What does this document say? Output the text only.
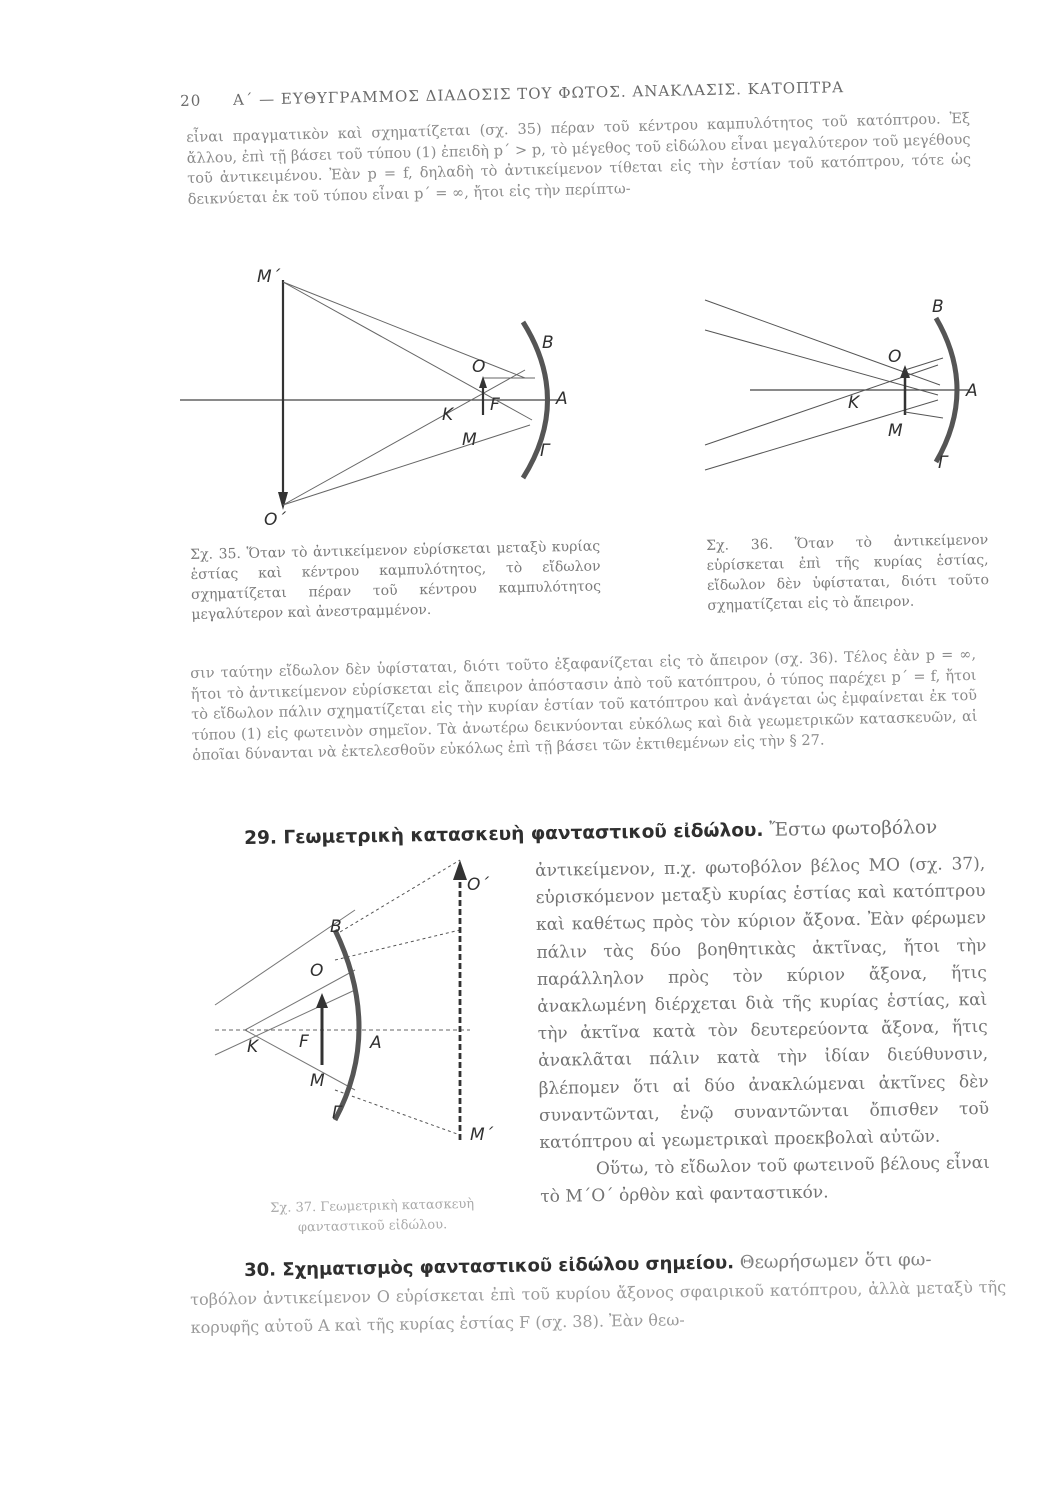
20 Α΄ — ΕΥΘΥΓΡΑΜΜΟΣ ΔΙΑΔΟΣΙΣ ΤΟΥ ΦΩΤΟΣ. ΑΝΑΚΛΑΣΙΣ. ΚΑΤΟΠΤΡΑ
εἶναι πραγματικὸν καὶ σχηματίζεται (σχ. 35) πέραν τοῦ κέντρου καμπυλότητος τοῦ κατόπτρου. Ἐξ ἄλλου, ἐπὶ τῇ βάσει τοῦ τύπου (1) ἐπειδὴ p΄ > p, τὸ μέγεθος τοῦ εἰδώλου εἶναι μεγαλύτερον τοῦ μεγέθους τοῦ ἀντικειμένου. Ἐὰν p = f, δηλαδὴ τὸ ἀντικείμενον τίθεται εἰς τὴν ἑστίαν τοῦ κατόπτρου, τότε ὡς δεικνύεται ἐκ τοῦ τύπου εἶναι p΄ = ∞, ἤτοι εἰς τὴν περίπτω-
Μ΄
Ο΄
Ο
Β
Α
Γ
Κ F
Μ
Β
Ο
Α
Κ
Μ
Γ
Σχ. 35. Ὅταν τὸ ἀντικείμενον εὑρίσκεται μεταξὺ κυρίας ἑστίας καὶ κέντρου καμπυλότητος, τὸ εἴδωλον σχηματίζεται πέραν τοῦ κέντρου καμπυλότητος μεγαλύτερον καὶ ἀνεστραμμένον.
Σχ. 36. Ὅταν τὸ ἀντικείμενον εὑρίσκεται ἐπὶ τῆς κυρίας ἑστίας, εἴδωλον δὲν ὑφίσταται, διότι τοῦτο σχηματίζεται εἰς τὸ ἄπειρον.
σιν ταύτην εἴδωλον δὲν ὑφίσταται, διότι τοῦτο ἐξαφανίζεται εἰς τὸ ἄπειρον (σχ. 36). Τέλος ἐὰν p = ∞, ἤτοι τὸ ἀντικείμενον εὑρίσκεται εἰς ἄπειρον ἀπόστασιν ἀπὸ τοῦ κατόπτρου, ὁ τύπος παρέχει p΄ = f, ἤτοι τὸ εἴδωλον πάλιν σχηματίζεται εἰς τὴν κυρίαν ἑστίαν τοῦ κατόπτρου καὶ ἀνάγεται ὡς ἐμφαίνεται ἐκ τοῦ τύπου (1) εἰς φωτεινὸν σημεῖον. Τὰ ἀνωτέρω δεικνύονται εὐκόλως καὶ διὰ γεωμετρικῶν κατασκευῶν, αἱ ὁποῖαι δύνανται νὰ ἐκτελεσθοῦν εὐκόλως ἐπὶ τῇ βάσει τῶν ἐκτιθεμένων εἰς τὴν § 27.
29. Γεωμετρικὴ κατασκευὴ φανταστικοῦ εἰδώλου. Ἔστω φωτοβόλον
Ο΄
Β
Ο
Κ F	Α
Μ
Γ
Μ΄
ἀντικείμενον, π.χ. φωτοβόλον βέλος ΜΟ (σχ. 37), εὑρισκόμενον μεταξὺ κυρίας ἑστίας καὶ κατόπτρου καὶ καθέτως πρὸς τὸν κύριον ἄξονα. Ἐὰν φέρωμεν πάλιν τὰς δύο βοηθητικὰς ἀκτῖνας, ἤτοι τὴν παράλληλον πρὸς τὸν κύριον ἄξονα, ἥτις ἀνακλωμένη διέρχεται διὰ τῆς κυρίας ἑστίας, καὶ τὴν ἀκτῖνα κατὰ τὸν δευτερεύοντα ἄξονα, ἥτις ἀνακλᾶται πάλιν κατὰ τὴν ἰδίαν διεύθυνσιν, βλέπομεν ὅτι αἱ δύο ἀνακλώμεναι ἀκτῖνες δὲν συναντῶνται, ἐνῷ συναντῶνται ὄπισθεν τοῦ κατόπτρου αἱ γεωμετρικαὶ προεκβολαὶ αὐτῶν.
Οὕτω, τὸ εἴδωλον τοῦ φωτεινοῦ βέλους εἶναι τὸ Μ΄Ο΄ ὀρθὸν καὶ φανταστικόν.
Σχ. 37. Γεωμετρικὴ κατασκευὴ
φανταστικοῦ εἰδώλου.
30. Σχηματισμὸς φανταστικοῦ εἰδώλου σημείου. Θεωρήσωμεν ὅτι φω-
τοβόλον ἀντικείμενον Ο εὑρίσκεται ἐπὶ τοῦ κυρίου ἄξονος σφαιρικοῦ κατόπτρου, ἀλλὰ μεταξὺ τῆς κορυφῆς αὐτοῦ Α καὶ τῆς κυρίας ἑστίας F (σχ. 38). Ἐὰν θεω-
